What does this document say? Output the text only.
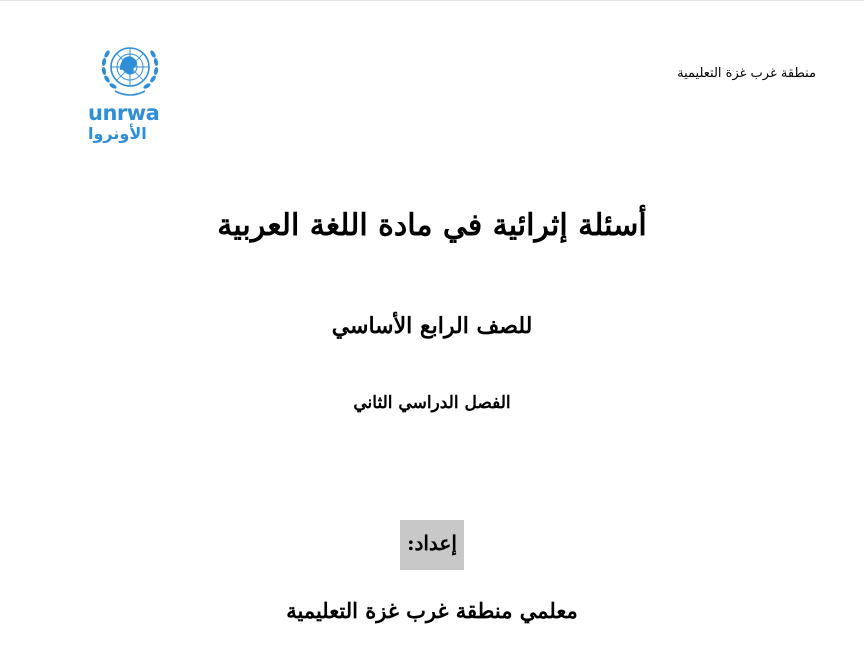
منطقة غرب غزة التعليمية
unrwa
الأونروا
أسئلة إثرائية في مادة اللغة العربية
للصف الرابع الأساسي
الفصل الدراسي الثاني
إعداد:
معلمي منطقة غرب غزة التعليمية
